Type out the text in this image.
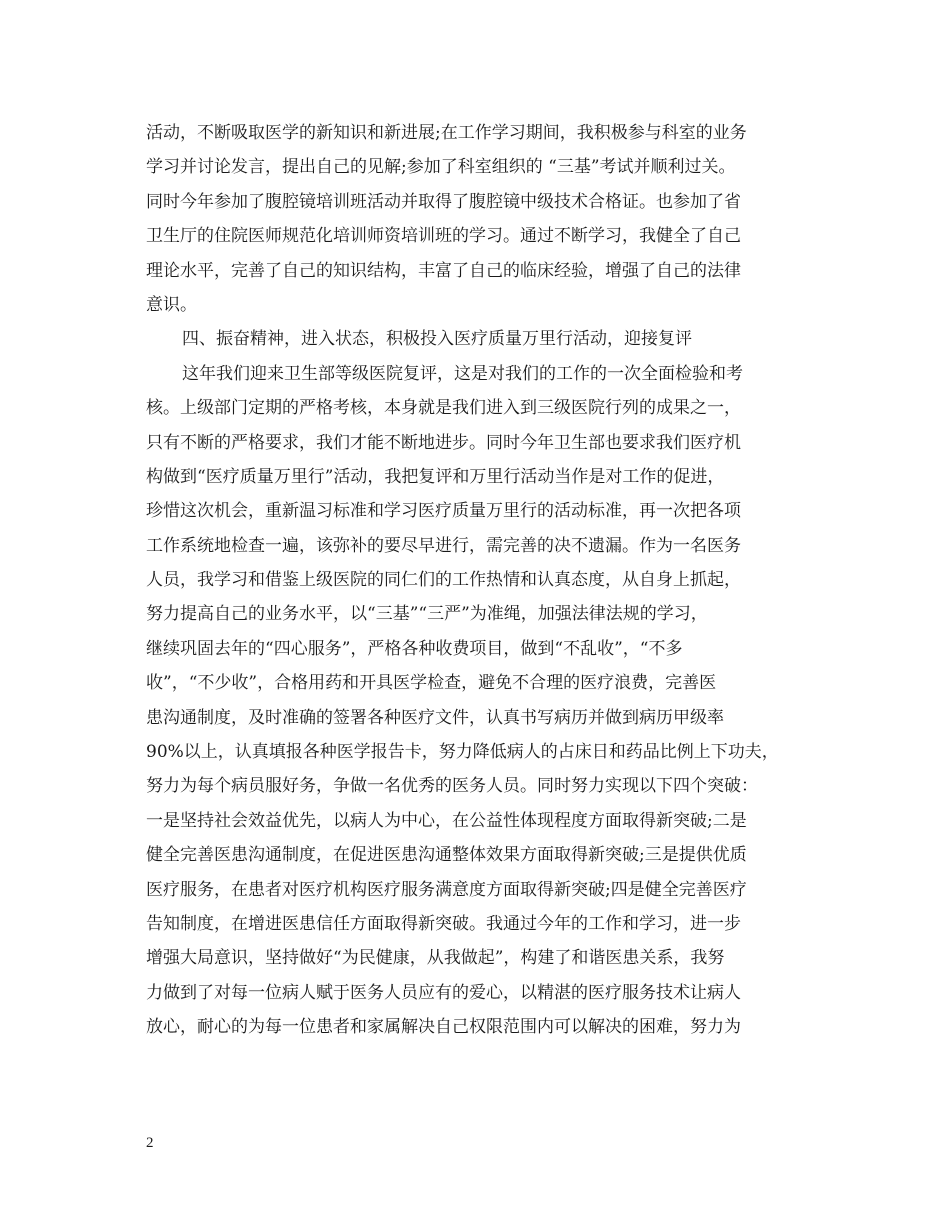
活动，不断吸取医学的新知识和新进展;在工作学习期间，我积极参与科室的业务
学习并讨论发言，提出自己的见解;参加了科室组织的 “三基”考试并顺利过关。
同时今年参加了腹腔镜培训班活动并取得了腹腔镜中级技术合格证。也参加了省
卫生厅的住院医师规范化培训师资培训班的学习。通过不断学习，我健全了自己
理论水平，完善了自己的知识结构，丰富了自己的临床经验，增强了自己的法律
意识。
四、振奋精神，进入状态，积极投入医疗质量万里行活动，迎接复评
这年我们迎来卫生部等级医院复评，这是对我们的工作的一次全面检验和考
核。上级部门定期的严格考核，本身就是我们进入到三级医院行列的成果之一，
只有不断的严格要求，我们才能不断地进步。同时今年卫生部也要求我们医疗机
构做到“医疗质量万里行”活动，我把复评和万里行活动当作是对工作的促进，
珍惜这次机会，重新温习标准和学习医疗质量万里行的活动标准，再一次把各项
工作系统地检查一遍，该弥补的要尽早进行，需完善的决不遗漏。作为一名医务
人员，我学习和借鉴上级医院的同仁们的工作热情和认真态度，从自身上抓起，
努力提高自己的业务水平，以“三基”“三严”为准绳，加强法律法规的学习，
继续巩固去年的“四心服务”，严格各种收费项目，做到“不乱收”，“不多
收”，“不少收”，合格用药和开具医学检查，避免不合理的医疗浪费，完善医
患沟通制度，及时准确的签署各种医疗文件，认真书写病历并做到病历甲级率
90%以上，认真填报各种医学报告卡，努力降低病人的占床日和药品比例上下功夫，
努力为每个病员服好务，争做一名优秀的医务人员。同时努力实现以下四个突破：
一是坚持社会效益优先，以病人为中心，在公益性体现程度方面取得新突破;二是
健全完善医患沟通制度，在促进医患沟通整体效果方面取得新突破;三是提供优质
医疗服务，在患者对医疗机构医疗服务满意度方面取得新突破;四是健全完善医疗
告知制度，在增进医患信任方面取得新突破。我通过今年的工作和学习，进一步
增强大局意识，坚持做好“为民健康，从我做起”，构建了和谐医患关系，我努
力做到了对每一位病人赋于医务人员应有的爱心，以精湛的医疗服务技术让病人
放心，耐心的为每一位患者和家属解决自己权限范围内可以解决的困难，努力为
2
